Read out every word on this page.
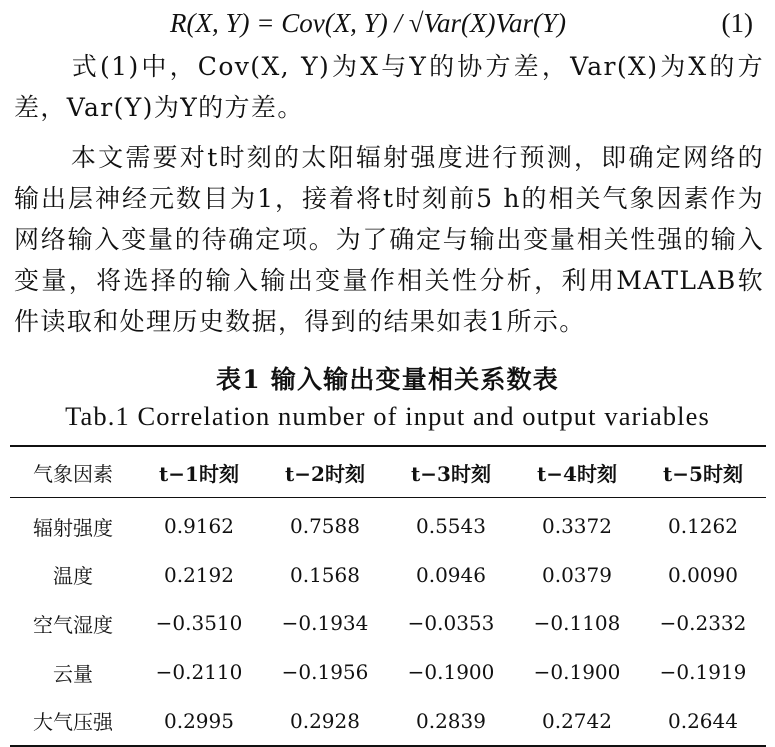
R(X, Y) = Cov(X, Y) / √Var(X)Var(Y)	(1)
式(1)中，Cov(X, Y)为X与Y的协方差，Var(X)为X的方差，Var(Y)为Y的方差。
本文需要对t时刻的太阳辐射强度进行预测，即确定网络的输出层神经元数目为1，接着将t时刻前5 h的相关气象因素作为网络输入变量的待确定项。为了确定与输出变量相关性强的输入变量，将选择的输入输出变量作相关性分析，利用MATLAB软件读取和处理历史数据，得到的结果如表1所示。
表1 输入输出变量相关系数表
Tab.1 Correlation number of input and output variables
气象因素	t−1时刻	t−2时刻	t−3时刻	t−4时刻	t−5时刻
辐射强度	0.9162	0.7588	0.5543	0.3372	0.1262
温度	0.2192	0.1568	0.0946	0.0379	0.0090
空气湿度	−0.3510	−0.1934	−0.0353	−0.1108	−0.2332
云量	−0.2110	−0.1956	−0.1900	−0.1900	−0.1919
大气压强	0.2995	0.2928	0.2839	0.2742	0.2644
